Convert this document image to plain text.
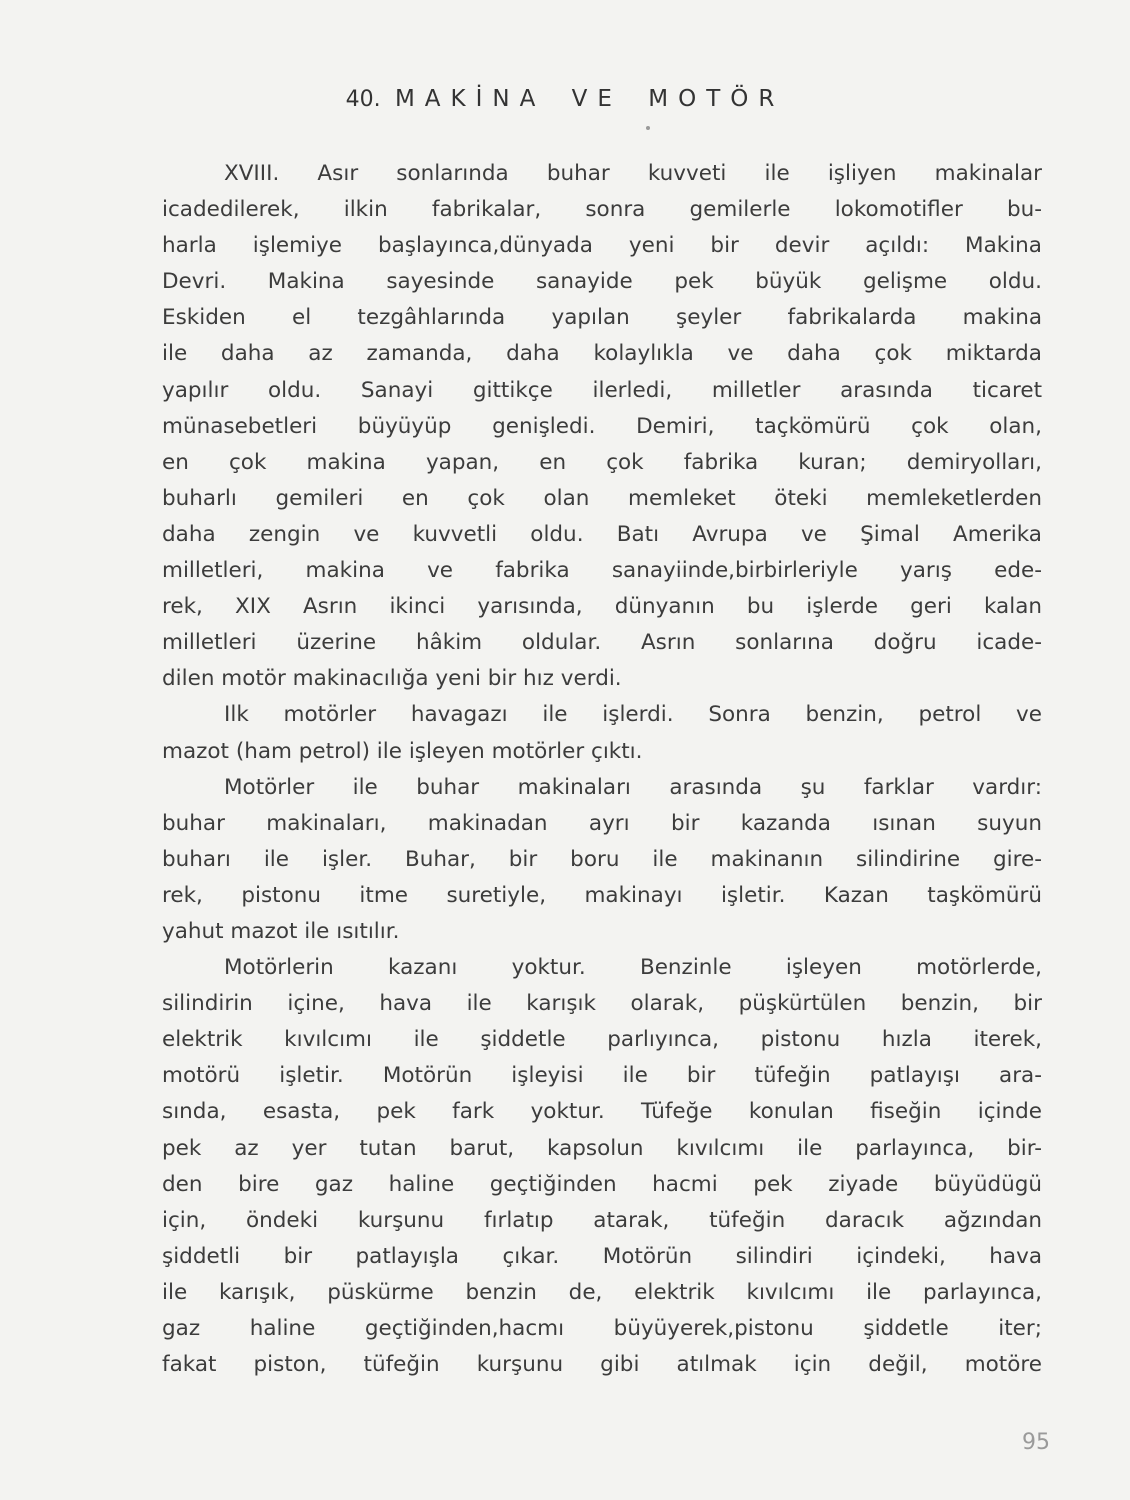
40. MAKİNA VE MOTÖR
XVIII. Asır sonlarında buhar kuvveti ile işliyen makinalar
icadedilerek, ilkin fabrikalar, sonra gemilerle lokomotifler bu-
harla işlemiye başlayınca,dünyada yeni bir devir açıldı: Makina
Devri. Makina sayesinde sanayide pek büyük gelişme oldu.
Eskiden el tezgâhlarında yapılan şeyler fabrikalarda makina
ile daha az zamanda, daha kolaylıkla ve daha çok miktarda
yapılır oldu. Sanayi gittikçe ilerledi, milletler arasında ticaret
münasebetleri büyüyüp genişledi. Demiri, taçkömürü çok olan,
en çok makina yapan, en çok fabrika kuran; demiryolları,
buharlı gemileri en çok olan memleket öteki memleketlerden
daha zengin ve kuvvetli oldu. Batı Avrupa ve Şimal Amerika
milletleri, makina ve fabrika sanayiinde,birbirleriyle yarış ede-
rek, XIX Asrın ikinci yarısında, dünyanın bu işlerde geri kalan
milletleri üzerine hâkim oldular. Asrın sonlarına doğru icade-
dilen motör makinacılığa yeni bir hız verdi.
Ilk motörler havagazı ile işlerdi. Sonra benzin, petrol ve
mazot (ham petrol) ile işleyen motörler çıktı.
Motörler ile buhar makinaları arasında şu farklar vardır:
buhar makinaları, makinadan ayrı bir kazanda ısınan suyun
buharı ile işler. Buhar, bir boru ile makinanın silindirine gire-
rek, pistonu itme suretiyle, makinayı işletir. Kazan taşkömürü
yahut mazot ile ısıtılır.
Motörlerin kazanı yoktur. Benzinle işleyen motörlerde,
silindirin içine, hava ile karışık olarak, püşkürtülen benzin, bir
elektrik kıvılcımı ile şiddetle parlıyınca, pistonu hızla iterek,
motörü işletir. Motörün işleyisi ile bir tüfeğin patlayışı ara-
sında, esasta, pek fark yoktur. Tüfeğe konulan fiseğin içinde
pek az yer tutan barut, kapsolun kıvılcımı ile parlayınca, bir-
den bire gaz haline geçtiğinden hacmi pek ziyade büyüdügü
için, öndeki kurşunu fırlatıp atarak, tüfeğin daracık ağzından
şiddetli bir patlayışla çıkar. Motörün silindiri içindeki, hava
ile karışık, püskürme benzin de, elektrik kıvılcımı ile parlayınca,
gaz haline geçtiğinden,hacmı büyüyerek,pistonu şiddetle iter;
fakat piston, tüfeğin kurşunu gibi atılmak için değil, motöre
95
